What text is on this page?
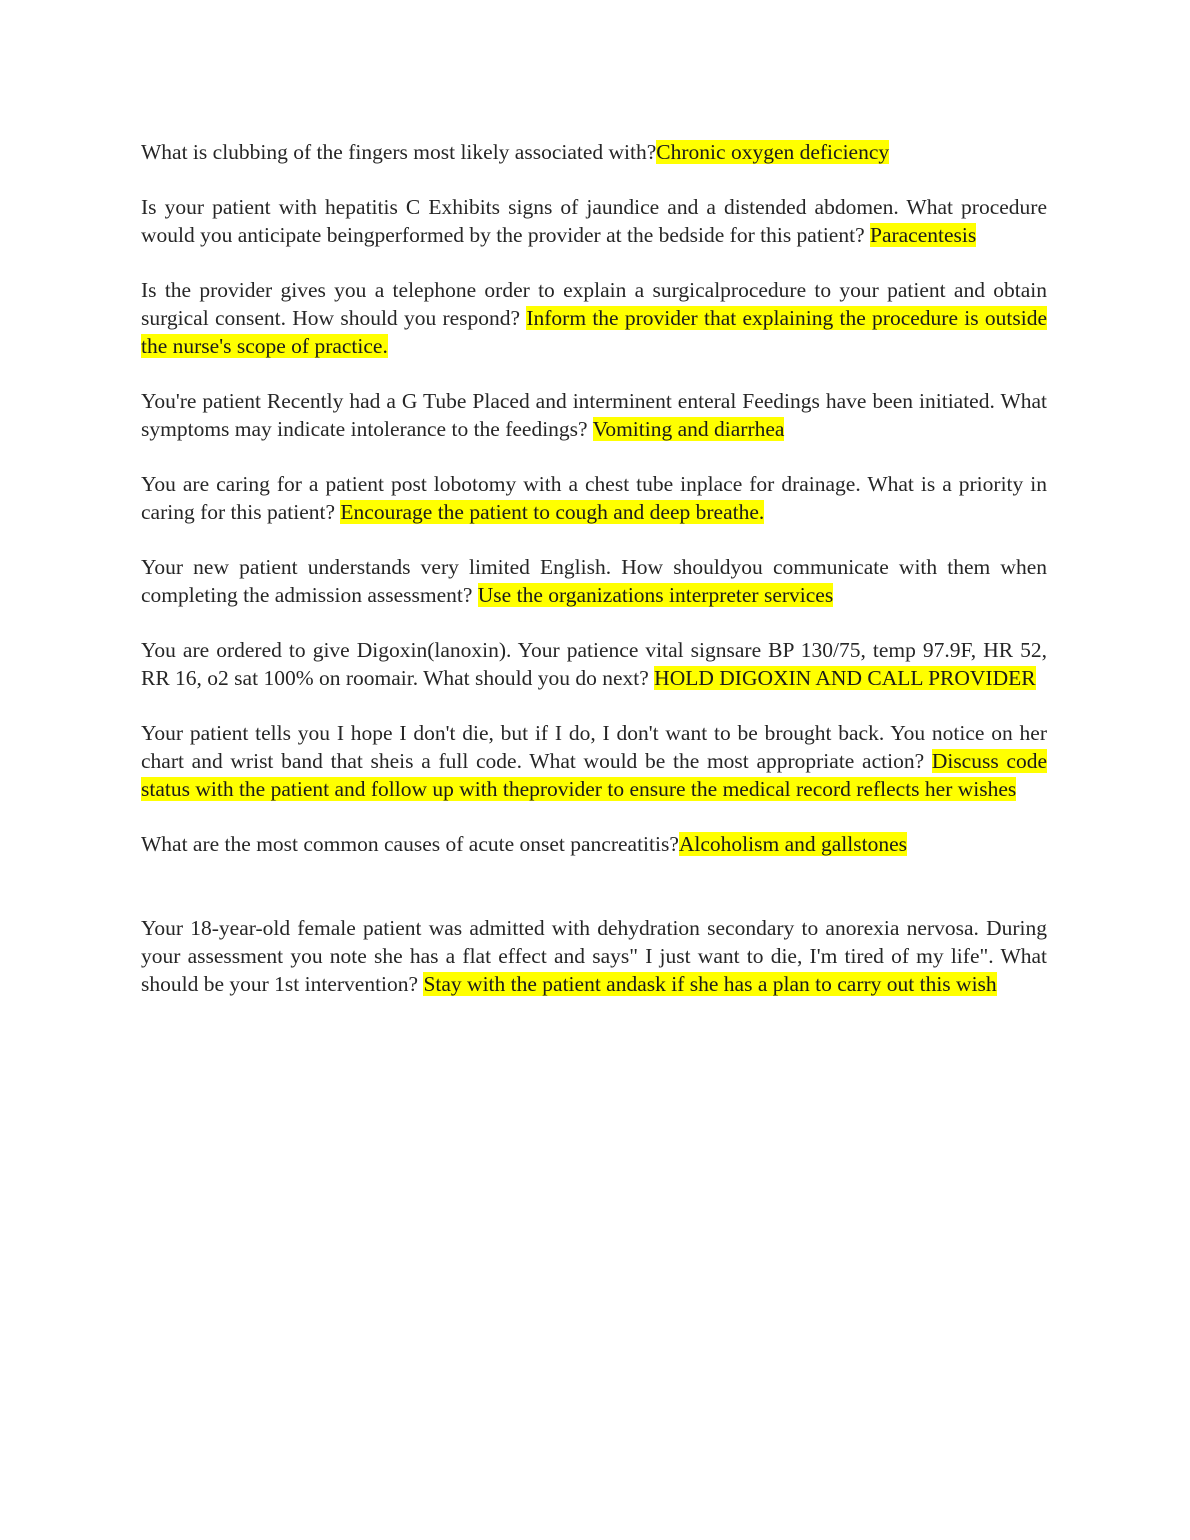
What is clubbing of the fingers most likely associated with?Chronic oxygen deficiency

Is your patient with hepatitis C Exhibits signs of jaundice and a distended abdomen. What procedure would you anticipate beingperformed by the provider at the bedside for this patient? Paracentesis

Is the provider gives you a telephone order to explain a surgicalprocedure to your patient and obtain surgical consent. How should you respond? Inform the provider that explaining the procedure is outside the nurse's scope of practice.

You're patient Recently had a G Tube Placed and interminent enteral Feedings have been initiated. What symptoms may indicate intolerance to the feedings? Vomiting and diarrhea

You are caring for a patient post lobotomy with a chest tube inplace for drainage. What is a priority in caring for this patient? Encourage the patient to cough and deep breathe.

Your new patient understands very limited English. How shouldyou communicate with them when completing the admission assessment? Use the organizations interpreter services

You are ordered to give Digoxin(lanoxin). Your patience vital signsare BP 130/75, temp 97.9F, HR 52, RR 16, o2 sat 100% on roomair. What should you do next? HOLD DIGOXIN AND CALL PROVIDER

Your patient tells you I hope I don't die, but if I do, I don't want to be brought back. You notice on her chart and wrist band that sheis a full code. What would be the most appropriate action? Discuss code status with the patient and follow up with theprovider to ensure the medical record reflects her wishes

What are the most common causes of acute onset pancreatitis?Alcoholism and gallstones

Your 18-year-old female patient was admitted with dehydration secondary to anorexia nervosa. During your assessment you note she has a flat effect and says" I just want to die, I'm tired of my life". What should be your 1st intervention? Stay with the patient andask if she has a plan to carry out this wish
